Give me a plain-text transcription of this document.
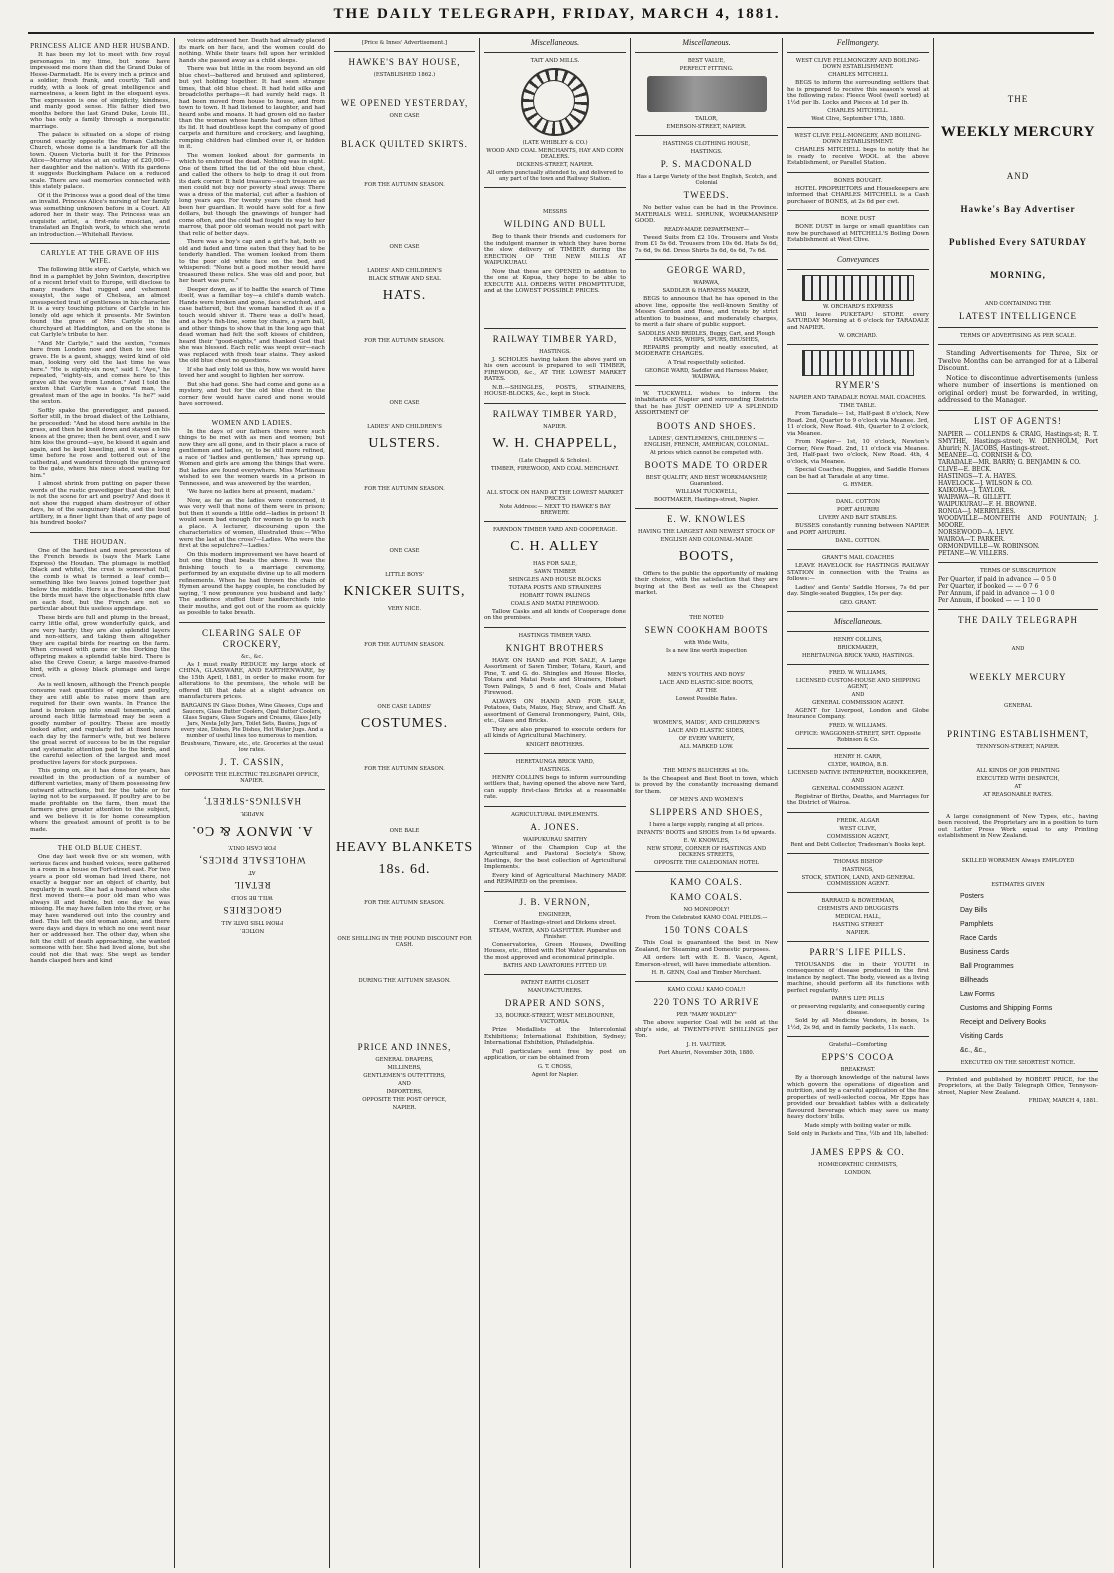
THE DAILY TELEGRAPH, FRIDAY, MARCH 4, 1881.
PRINCESS ALICE AND HER HUSBAND.

It has been my lot to meet with few royal personages in my time, but none have impressed me more than did the Grand Duke of Hesse-Darmstadt. He is every inch a prince and a soldier, fresh frank, and courtly. Tall and ruddy, with a look of great intelligence and earnestness, a keen light in the eloquent eyes. The expression is one of simplicity, kindness, and manly good sense. His father died two months before the last Grand Duke, Louis III., who has only a family through a morganatic marriage.

The palace is situated on a slope of rising ground exactly opposite the Roman Catholic Church, whose dome is a landmark for all the town. Queen Victoria built it for the Princess Alice—Murray states at an outlay of £20,000—her daughter and the nation's. With its gardens it suggests Buckingham Palace on a reduced scale. There are sad memories connected with this stately palace.

Of it the Princess was a good deal of the time an invalid. Princess Alice's nursing of her family was something unknown before in a Court. All adored her in their way. The Princess was an exquisite artist, a first-rate musician, and translated an English work, to which she wrote an introduction.—Whitehall Review.

CARLYLE AT THE GRAVE OF HIS WIFE.

The following little story of Carlyle, which we find in a pamphlet by John Swinton, descriptive of a recent brief visit to Europe, will disclose to many readers that rugged and vehement essayist, the sage of Chelsea, an almost unsuspected trait of gentleness in his character. It is a very touching picture of Carlyle in his lonely old age which it presents. Mr Swinton found the grave of Mrs Carlyle in the churchyard at Haddington, and on the stone is cut Carlyle's tribute to her.

"And Mr Carlyle," said the sexton, "comes here from London now and then to see this grave. He is a gaunt, shaggy, weird kind of old man, looking very old the last time he was here." "He is eighty-six now," said I. "Aye," he repeated, "eighty-six, and comes here to this grave all the way from London." And I told the sexton that Carlyle was a great man, the greatest man of the age in books. "Is he?" said the sexton.

Softly spake the gravedigger, and paused. Softer still, in the broad dialect of the Lothians, he proceeded: "And he stood here awhile in the grass, and then he knelt down and stayed on his knees at the grave; then he bent over, and I saw him kiss the ground—aye, he kissed it again and again, and he kept kneeling, and it was a long time before he rose and tottered out of the cathedral, and wandered through the graveyard to the gate, where his niece stood waiting for him."

I almost shrink from putting on paper these words of the rustic gravedigger that day; but it is not the scene for art and poetry? And does it not show the rugged sham destroyer of other days, he of the sanguinary blade, and the loud artillery, in a finer light than that of any page of his hundred books?

THE HOUDAN.

One of the hardiest and most precocious of the French breeds is (says the Mark Lane Express) the Houdan. The plumage is mottled (black and white), the crest is somewhat full, the comb is what is termed a leaf comb—something like two leaves joined together just below the middle. Here is a five-toed one that the birds must have the objectionable fifth claw on each foot, but the French are not so particular about this useless appendage.

These birds are full and plump in the breast, carry little offal, grow wonderfully quick, and are very hardy; they are also splendid layers and non-sitters, and taking them altogether they are capital birds for rearing on the farm. When crossed with game or the Dorking the offspring makes a splendid table bird. There is also the Creve Coeur, a large massive-framed bird, with a glossy black plumage and large crest.

As is well known, although the French people consume vast quantities of eggs and poultry, they are still able to raise more than are required for their own wants. In France the land is broken up into small tenements, and around each little farmstead may be seen a goodly number of poultry. These are mostly looked after, and regularly fed at fixed hours each day by the farmer's wife, but we believe the great secret of success to be in the regular and systematic attention paid to the birds, and the careful selection of the largest and most productive layers for stock purposes.

This going on, as it has done for years, has resulted in the production of a number of different varieties, many of them possessing few outward attractions, but for the table or for laying not to be surpassed. If poultry are to be made profitable on the farm, then must the farmers give greater attention to the subject, and we believe it is for home consumption where the greatest amount of profit is to be made.

THE OLD BLUE CHEST.

One day last week five or six women, with serious faces and hushed voices, were gathered in a room in a house on Fort-street east. For two years a poor old woman had lived there, not exactly a beggar nor an object of charity, but regularly in want. She had a husband when she first moved there—a poor old man who was always ill and feeble, but one day he was missing. He may have fallen into the river, or he may have wandered out into the country and died. This left the old woman alone, and there were days and days in which no one went near her or addressed her. The other day, when she felt the chill of death approaching, she wanted someone with her. She had lived alone, but she could not die that way. She wept as tender hands clasped hers and kind

voices addressed her. Death had already placed its mark on her face, and the women could do nothing. While their tears fell upon her wrinkled hands she passed away as a child sleeps.

There was but little in the room beyond an old blue chest—battered and bruised and splintered, but yet holding together. It had seen strange times, that old blue chest. It had held silks and broadcloths perhaps—it had surely held rags. It had been moved from house to house, and from town to town. It had listened to laughter, and had heard sobs and moans. It had grown old no faster than the woman whose hands had so often lifted its lid. It had doubtless kept the company of good carpets and furniture and crockery, and laughing, romping children had climbed over it, or hidden in it.

The women looked about for garments in which to enshroud the dead. Nothing was in sight. One of them lifted the lid of the old blue chest, and called the others to help to drag it out from its dark corner. It held treasure—such treasure as men could not buy nor poverty steal away. There was a dress of the material, cut after a fashion of long years ago. For twenty years the chest had been her guardian. It would have sold for a few dollars, but though the gnawings of hunger had come often, and the cold had fought its way to her marrow, that poor old woman would not part with that relic of better days.

There was a boy's cap and a girl's hat, both so old and faded and time eaten that they had to be tenderly handled. The women looked from them to the poor old white face on the bed, and whispered: "None but a good mother would have treasured these relics. She was old and poor, but her heart was pure."

Deeper down, as if to baffle the search of Time itself, was a familiar toy—a child's dumb watch. Hands were broken and gone, face scratched, and case battered, but the woman handled it as if a touch would shiver it. There was a doll's head, and a boy's fish-line, some toy chairs, a yarn ball, and other things to show that in the long ago that dead woman had felt the soft kisses of children, heard their "good-nights," and thanked God that she was blessed. Each relic was wept over—each was replaced with fresh tear stains. They asked the old blue chest no questions.

If she had only told us this, how we would have loved her and sought to lighten her sorrow.

But she had gone. She had come and gone as a mystery, and but for the old blue chest in the corner few would have cared and none would have sorrowed.

WOMEN AND LADIES.

In the days of our fathers there were such things to be met with as men and women; but now they are all gone, and in their place a race of gentlemen and ladies, or, to be still more refined, a race of 'ladies and gentlemen,' has sprung up. Women and girls are among the things that were. But ladies are found everywhere. Miss Martineau wished to see the women wards in a prison in Tennessee, and was answered by the warden,

'We have no ladies here at present, madam.'

Now, as far as the ladies were concerned, it was very well that none of them were in prison; but then it sounds a little odd—ladies in prison! It would seem bad enough for women to go to such a place. A lecturer, discoursing upon the characteristics of women, illustrated thus:—'Who were the last at the cross?—Ladies. Who were the first at the sepulchre?—Ladies.'

On this modern improvement we have heard of but one thing that beats the above. It was the finishing touch to a marriage ceremony, performed by an exquisite divine up to all modern refinements. When he had thrown the chain of Hymen around the happy couple, he concluded by saying, 'I now pronounce you husband and lady.' The audience stuffed their handkerchiefs into their mouths, and got out of the room as quickly as possible to take breath.

CLEARING SALE OF CROCKERY,
&c., &c.

As I must really REDUCE my large stock of CHINA, GLASSWARE, AND EARTHENWARE, by the 15th April, 1881, in order to make room for alterations to the premises, the whole will be offered till that date at a slight advance on manufacturers prices.

BARGAINS IN Glass Dishes, Wine Glasses, Cups and Saucers, Glass Butter Coolers, Opal Butter Coolers, Glass Sugars, Glass Sugars and Creams, Glass Jelly Jars, Nesta Jelly Jars, Toilet Sets, Basins, Jugs of every size, Dishes, Pie Dishes, Hot Water Jugs. And a number of useful lines too numerous to mention.
Brushware, Tinware, etc., etc. Groceries at the usual low rates.
J. T. CASSIN,
OPPOSITE THE ELECTRIC TELEGRAPH OFFICE, NAPIER.
NOTICE.
FROM THIS DATE ALL
GROCERIES
WILL BE SOLD
RETAIL
AT
WHOLESALE PRICES,
FOR CASH ONLY.
A. MANOY & Co.
NAPIER.
HASTINGS-STREET,
[Price & Innes' Advertisement.]
HAWKE'S BAY HOUSE,
(ESTABLISHED 1862.)
WE OPENED YESTERDAY,
ONE CASE
BLACK QUILTED SKIRTS.
FOR THE AUTUMN SEASON.
ONE CASE
LADIES' AND CHILDREN'S
BLACK STRAW AND SEAL
HATS.
FOR THE AUTUMN SEASON.
ONE CASE
LADIES' AND CHILDREN'S
ULSTERS.
FOR THE AUTUMN SEASON.
ONE CASE
LITTLE BOYS'
KNICKER SUITS,
VERY NICE.
FOR THE AUTUMN SEASON.
ONE CASE LADIES'
COSTUMES.
FOR THE AUTUMN SEASON.
ONE BALE
HEAVY BLANKETS
18s. 6d.
FOR THE AUTUMN SEASON.
ONE SHILLING IN THE POUND DISCOUNT FOR CASH.
DURING THE AUTUMN SEASON.
PRICE AND INNES,
GENERAL DRAPERS,
MILLINERS,
GENTLEMEN'S OUTFITTERS,
AND
IMPORTERS,
OPPOSITE THE POST OFFICE,
NAPIER.
Miscellaneous.
TAIT AND MILLS.
(LATE WHIBLEY & CO.)
WOOD AND COAL MERCHANTS, HAY AND CORN DEALERS.
DICKENS-STREET, NAPIER.
All orders punctually attended to, and delivered to any part of the town and Railway Station.
MESSRS
WILDING AND BULL

Beg to thank their friends and customers for the indulgent manner in which they have borne the slow delivery of TIMBER during the ERECTION OF THE NEW MILLS AT WAIPUKURAU.

Now that these are OPENED in addition to the one at Kopua, they hope to be able to EXECUTE ALL ORDERS WITH PROMPTITUDE, and at the LOWEST POSSIBLE PRICES.

RAILWAY TIMBER YARD,
HASTINGS.

J. SCHOLES having taken the above yard on his own account is prepared to sell TIMBER, FIREWOOD, &c., AT THE LOWEST MARKET RATES.

N.B.—SHINGLES, POSTS, STRAINERS, HOUSE-BLOCKS, &c., kept in Stock.

RAILWAY TIMBER YARD,
NAPIER.
W. H. CHAPPELL,
(Late Chappell & Scholes).
TIMBER, FIREWOOD, AND COAL MERCHANT.
ALL STOCK ON HAND AT THE LOWEST MARKET PRICES
Note Address:— NEXT TO HAWKE'S BAY BREWERY.
FARNDON TIMBER YARD AND COOPERAGE.
C. H. ALLEY
HAS FOR SALE,
SAWN TIMBER
SHINGLES AND HOUSE BLOCKS
TOTARA POSTS AND STRAINERS
HOBART TOWN PALINGS
COALS AND MATAI FIREWOOD.

Tallow Casks and all kinds of Cooperage done on the premises.

HASTINGS TIMBER YARD.
KNIGHT BROTHERS

HAVE ON HAND and FOR SALE, A Large Assortment of Sawn Timber, Totara, Kauri, and Pine, T. and G. do. Shingles and House Blocks, Totara and Matai Posts and Strainers, Hobart Town Palings, 5 and 6 feet, Coals and Matai Firewood.

ALWAYS ON HAND AND FOR SALE, Potatoes, Oats, Maize, Hay, Straw, and Chaff. An assortment of General Ironmongery, Paint, Oils, etc., Glass and Bricks.

They are also prepared to execute orders for all kinds of Agricultural Machinery.

KNIGHT BROTHERS.
HERETAUNGA BRICK YARD,
HASTINGS.

HENRY COLLINS begs to inform surrounding settlers that, having opened the above new Yard, can supply first-class Bricks at a reasonable rate.

AGRICULTURAL IMPLEMENTS.
A. JONES.
WAIPUKURAU SMITHY

Winner of the Champion Cup at the Agricultural and Pastoral Society's Show, Hastings, for the best collection of Agricultural Implements.

Every kind of Agricultural Machinery MADE and REPAIRED on the premises.

J. B. VERNON,
ENGINEER,
Corner of Hastings-street and Dickens street.
STEAM, WATER, AND GASFITTER. Plumber and Finisher.

Conservatories, Green Houses, Dwelling Houses, etc., fitted with Hot Water Apparatus on the most approved and economical principle.

BATHS AND LAVATORIES FITTED UP.
PATENT EARTH CLOSET
MANUFACTURERS.
DRAPER AND SONS,
33, BOURKE-STREET, WEST MELBOURNE, VICTORIA.

Prize Medallists at the Intercolonial Exhibitions; International Exhibition, Sydney; International Exhibition, Philadelphia.

Full particulars sent free by post on application, or can be obtained from

G. T. CROSS,
Agent for Napier.
Miscellaneous.
BEST VALUE,
PERFECT FITTING.
TAILOR,
EMERSON-STREET, NAPIER.
HASTINGS CLOTHING HOUSE,
HASTINGS.
P. S. MACDONALD
Has a Large Variety of the best English, Scotch, and Colonial
TWEEDS.

No better value can be had in the Province. MATERIALS WELL SHRUNK, WORKMANSHIP GOOD.

READY-MADE DEPARTMENT—

Tweed Suits from £2 10s. Trousers and Vests from £1 5s 6d. Trousers from 10s 6d. Hats 5s 6d, 7s 6d, 9s 6d. Dress Shirts 5s 6d, 6s 6d, 7s 6d.

GEORGE WARD,
WAPAWA,
SADDLER & HARNESS MAKER,

BEGS to announce that he has opened in the above line, opposite the well-known Smithy of Messrs Gordon and Rose, and trusts by strict attention to business, and moderately charges, to merit a fair share of public support.

SADDLES AND BRIDLES, Buggy, Cart, and Plough HARNESS, WHIPS, SPURS, BRUSHES,

REPAIRS promptly and neatly executed, at MODERATE CHARGES.

A Trial respectfully solicited.
GEORGE WARD, Saddler and Harness Maker, WAIPAWA.

W. TUCKWELL wishes to inform the inhabitants of Napier and surrounding Districts that he has JUST OPENED UP A SPLENDID ASSORTMENT OF

BOOTS AND SHOES.
LADIES', GENTLEMEN'S, CHILDREN'S — ENGLISH, FRENCH, AMERICAN, COLONIAL.
At prices which cannot be competed with.
BOOTS MADE TO ORDER
BEST QUALITY, AND BEST WORKMANSHIP, Guaranteed.
WILLIAM TUCKWELL,
BOOTMAKER, Hastings-street, Napier.
E. W. KNOWLES
HAVING THE LARGEST AND NEWEST STOCK OF
ENGLISH AND COLONIAL-MADE
BOOTS,

Offers to the public the opportunity of making their choice, with the satisfaction that they are buying at the Best as well as the Cheapest market.

THE NOTED
SEWN COOKHAM BOOTS
with Wide Welts,
Is a new line worth inspection
MEN'S YOUTHS AND BOYS'
LACE AND ELASTIC-SIDE BOOTS,
AT THE
Lowest Possible Rates.
WOMEN'S, MAIDS', AND CHILDREN'S
LACE AND ELASTIC SIDES,
OF EVERY VARIETY,
ALL MARKED LOW.
THE MEN'S BLUCHERS at 10s.

Is the Cheapest and Best Boot in town, which is proved by the constantly increasing demand for them.

OF MEN'S AND WOMEN'S
SLIPPERS AND SHOES,
I have a large supply, ranging at all prices.
INFANTS' BOOTS and SHOES from 1s 6d upwards.
E. W. KNOWLES,
NEW STORE, CORNER OF HASTINGS AND DICKENS STREETS,
OPPOSITE THE CALEDONIAN HOTEL
KAMO COALS.
KAMO COALS.
NO MONOPOLY!
From the Celebrated KAMO COAL FIELDS.—
150 TONS COALS

This Coal is guaranteed the best in New Zealand, for Steaming and Domestic purposes.

All orders left with E. B. Vasco, Agent, Emerson-street, will have immediate attention.

H. R. GENN, Coal and Timber Merchant.
KAMO COAL! KAMO COAL!!
220 TONS TO ARRIVE
PER "MARY WADLEY"

The above superior Coal will be sold at the ship's side, at TWENTY-FIVE SHILLINGS per Ton.

J. H. VAUTIER.
Port Ahuriri, November 30th, 1880.
Fellmongery.
WEST CLIVE FELLMONGERY AND BOILING-DOWN ESTABLISHMENT.
CHARLES MITCHELL

BEGS to inform the surrounding settlers that he is prepared to receive this season's wool at the following rates: Fleece Wool (well sorted) at 1½d per lb. Locks and Pieces at 1d per lb.

CHARLES MITCHELL.
West Clive, September 17th, 1880.
WEST CLIVE FELL-MONGERY, AND BOILING-DOWN ESTABLISHMENT.

CHARLES MITCHELL begs to notify that he is ready to receive WOOL at the above Establishment, or Parallel Station.

BONES BOUGHT.

HOTEL PROPRIETORS and Housekeepers are informed that CHARLES MITCHELL is a Cash purchaser of BONES, at 2s 6d per cwt.

BONE DUST

BONE DUST in large or small quantities can now be purchased at MITCHELL'S Boiling Down Establishment at West Clive.

Conveyances
W. ORCHARD'S EXPRESS

Will leave PUKETAPU STORE every SATURDAY Morning at 6 o'clock for TARADALE and NAPIER.

W. ORCHARD.
RYMER'S
NAPIER AND TARADALE ROYAL MAIL COACHES.
TIME TABLE.

From Taradale— 1st, Half-past 8 o'clock, New Road. 2nd, Quarter to 9 o'clock via Meanee. 3rd, 11 o'clock, New Road. 4th, Quarter to 2 o'clock, via Meanee.

From Napier— 1st, 10 o'clock, Newton's Corner, New Road. 2nd, 11 o'clock via Meanee. 3rd, Half-past two o'clock, New Road. 4th, 4 o'clock, via Meanee.

Special Coaches, Buggies, and Saddle Horses can be had at Taradale at any time.

G. RYMER.
DANL. COTTON
PORT AHURIRI
LIVERY AND BAIT STABLES.

BUSSES constantly running between NAPIER and PORT AHURIRI.

DANL. COTTON.
GRANT'S MAIL COACHES

LEAVE HAVELOCK for HASTINGS RAILWAY STATION in connection with the Trains as follows:—

Ladies' and Gents' Saddle Horses, 7s 6d per day. Single-seated Buggies, 15s per day.

GEO. GRANT.
Miscellaneous.
HENRY COLLINS,
BRICKMAKER,
HERETAUNGA BRICK YARD, HASTINGS.
FRED. W. WILLIAMS,
LICENSED CUSTOM-HOUSE AND SHIPPING AGENT,
AND
GENERAL COMMISSION AGENT.

AGENT for Liverpool, London and Globe Insurance Company.

FRED. W. WILLIAMS.
OFFICE: WAGGONER-STREET, SPIT. Opposite Robinson & Co.
HENRY H. CARR,
CLYDE, WAIROA, B.B.
LICENSED NATIVE INTERPRETER, BOOKKEEPER,
AND
GENERAL COMMISSION AGENT.

Registrar of Births, Deaths, and Marriages for the District of Wairoa.

FREDK. ALGAR
WEST CLIVE,
COMMISSION AGENT,
Rent and Debt Collector, Tradesman's Books kept.
THOMAS BISHOP
HASTINGS,
STOCK, STATION, LAND, AND GENERAL COMMISSION AGENT.
BARRAUD & BOWERMAN,
CHEMISTS AND DRUGGISTS
MEDICAL HALL,
HASTING STREET
NAPIER.
PARR'S LIFE PILLS.

THOUSANDS die in their YOUTH in consequence of disease produced in the first instance by neglect. The body, viewed as a living machine, should perform all its functions with perfect regularity.

PARR'S LIFE PILLS
or preserving regularity, and consequently curing disease.

Sold by all Medicine Vendors, in boxes, 1s 1½d, 2s 9d, and in family packets, 11s each.

Grateful—Comforting
EPPS'S COCOA
BREAKFAST.

By a thorough knowledge of the natural laws which govern the operations of digestion and nutrition, and by a careful application of the fine properties of well-selected cocoa, Mr Epps has provided our breakfast tables with a delicately flavoured beverage which may save us many heavy doctors' bills.

Made simply with boiling water or milk.
Sold only in Packets and Tins, ½lb and 1lb, labelled:—
JAMES EPPS & CO.
HOMŒOPATHIC CHEMISTS,
LONDON.
THE
WEEKLY MERCURY
AND
Hawke's Bay Advertiser
Published Every SATURDAY
MORNING,
AND CONTAINING THE
LATEST INTELLIGENCE
TERMS OF ADVERTISING AS PER SCALE.

Standing Advertisements for Three, Six or Twelve Months can be arranged for at a Liberal Discount.

Notice to discontinue advertisements (unless where number of insertions is mentioned on original order) must be forwarded, in writing, addressed to the Manager.

LIST OF AGENTS!
NAPIER — COLLENDS & CRAIG, Hastings-st; R. T. SMYTHE, Hastings-street; W. DENHOLM, Port Ahuriri; N. JACOBS, Hastings-street.
MEANEE—G. CORNISH & CO.
TARADALE—MR. BARRY; G. BENJAMIN & CO.
CLIVE—E. BECK.
HASTINGS—T. A. HAYES.
HAVELOCK—J. WILSON & CO.
KAIKORA—J. TAYLOR.
WAIPAWA—R. GILLETT.
WAIPUKURAU—F. H. BROWNE.
RONGA—J. MERRYLEES.
WOODVILLE—MONTEITH AND FOUNTAIN; J. MOORE.
NORSEWOOD—A. LEVY.
WAIROA—T. PARKER.
ORMONDVILLE—W. ROBINSON.
PETANE—W. VILLERS.
TERMS OF SUBSCRIPTION
Per Quarter, if paid in advance — 0 5 0
Per Quarter, if booked — — 0 7 6
Per Annum, if paid in advance — 1 0 0
Per Annum, if booked — — 1 10 0
THE DAILY TELEGRAPH
AND
WEEKLY MERCURY
GENERAL
PRINTING ESTABLISHMENT,
TENNYSON-STREET, NAPIER.
ALL KINDS OF JOB PRINTING
EXECUTED WITH DESPATCH,
AT
AT REASONABLE RATES.

A large consignment of New Types, etc., having been received, the Proprietary are in a position to turn out Letter Press Work equal to any Printing establishment in New Zealand.

SKILLED WORKMEN Always EMPLOYED
ESTIMATES GIVEN
Posters
Day Bills
Pamphlets
Race Cards
Business Cards
Ball Programmes
Billheads
Law Forms
Customs and Shipping Forms
Receipt and Delivery Books
Visiting Cards
&c., &c.,
EXECUTED ON THE SHORTEST NOTICE.

Printed and published by ROBERT PRICE, for the Proprietors, at the Daily Telegraph Office, Tennyson-street, Napier New Zealand.

FRIDAY, MARCH 4, 1881.
